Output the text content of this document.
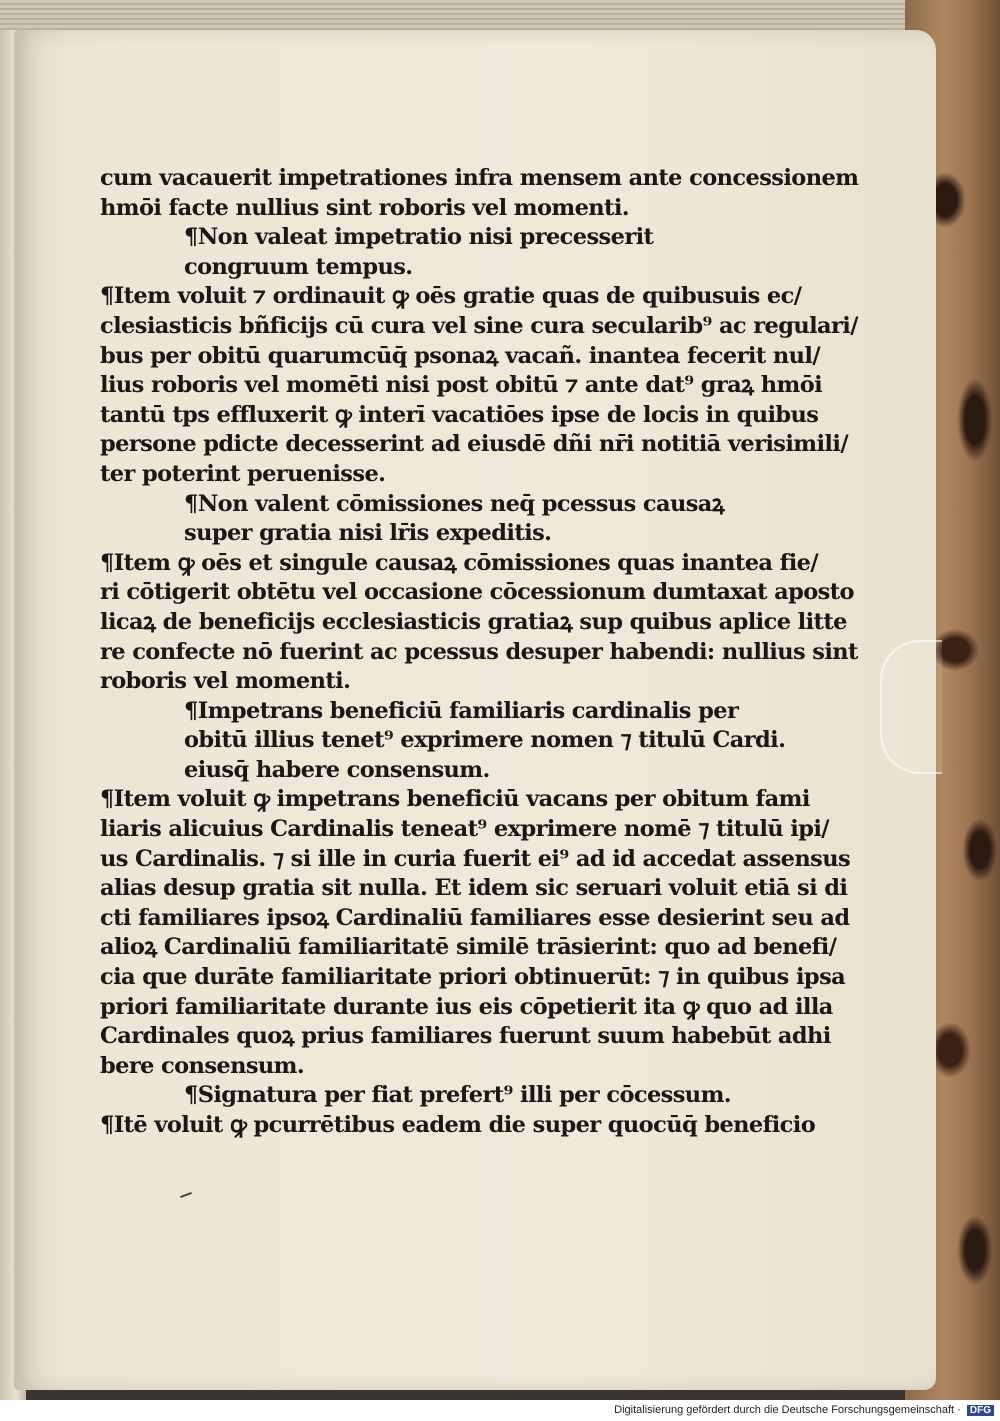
cum vacauerit impetrationes infra mensem ante concessionem
hmōi facte nullius sint roboris vel momenti.
¶Non valeat impetratio nisi precesserit
congruum tempus.
¶Item voluit ⁊ ordinauit ꝙ oēs gratie quas de quibusuis ec/
clesiasticis bñficijs cū cura vel sine cura secularib⁹ ac regulari/
bus per obitū quarumcūq̄ psonaꝝ vacañ. inantea fecerit nul/
lius roboris vel momēti nisi post obitū ⁊ ante dat⁹ graꝝ hmōi
tantū tps effluxerit ꝙ interī vacatiōes ipse de locis in quibus
persone pdicte decesserint ad eiusdē dñi nr̄i notitiā verisimili/
ter poterint peruenisse.
¶Non valent cōmissiones neq̄ pcessus causaꝝ
super gratia nisi lr̄is expeditis.
¶Item ꝙ oēs et singule causaꝝ cōmissiones quas inantea fie/
ri cōtigerit obtētu vel occasione cōcessionum dumtaxat aposto
licaꝝ de beneficijs ecclesiasticis gratiaꝝ sup quibus aplice litte
re confecte nō fuerint ac pcessus desuper habendi: nullius sint
roboris vel momenti.
¶Impetrans beneficiū familiaris cardinalis per
obitū illius tenet⁹ exprimere nomen ⁊ titulū Cardi.
eiusq̄ habere consensum.
¶Item voluit ꝙ impetrans beneficiū vacans per obitum fami
liaris alicuius Cardinalis teneat⁹ exprimere nomē ⁊ titulū ipi/
us Cardinalis. ⁊ si ille in curia fuerit ei⁹ ad id accedat assensus
alias desup gratia sit nulla. Et idem sic seruari voluit etiā si di
cti familiares ipsoꝝ Cardinaliū familiares esse desierint seu ad
alioꝝ Cardinaliū familiaritatē similē trāsierint: quo ad benefi/
cia que durāte familiaritate priori obtinuerūt: ⁊ in quibus ipsa
priori familiaritate durante ius eis cōpetierit ita ꝙ quo ad illa
Cardinales quoꝝ prius familiares fuerunt suum habebūt adhi
bere consensum.
¶Signatura per fiat prefert⁹ illi per cōcessum.
¶Itē voluit ꝙ pcurrētibus eadem die super quocūq̄ beneficio
Digitalisierung gefördert durch die Deutsche Forschungsgemeinschaft · DFG
